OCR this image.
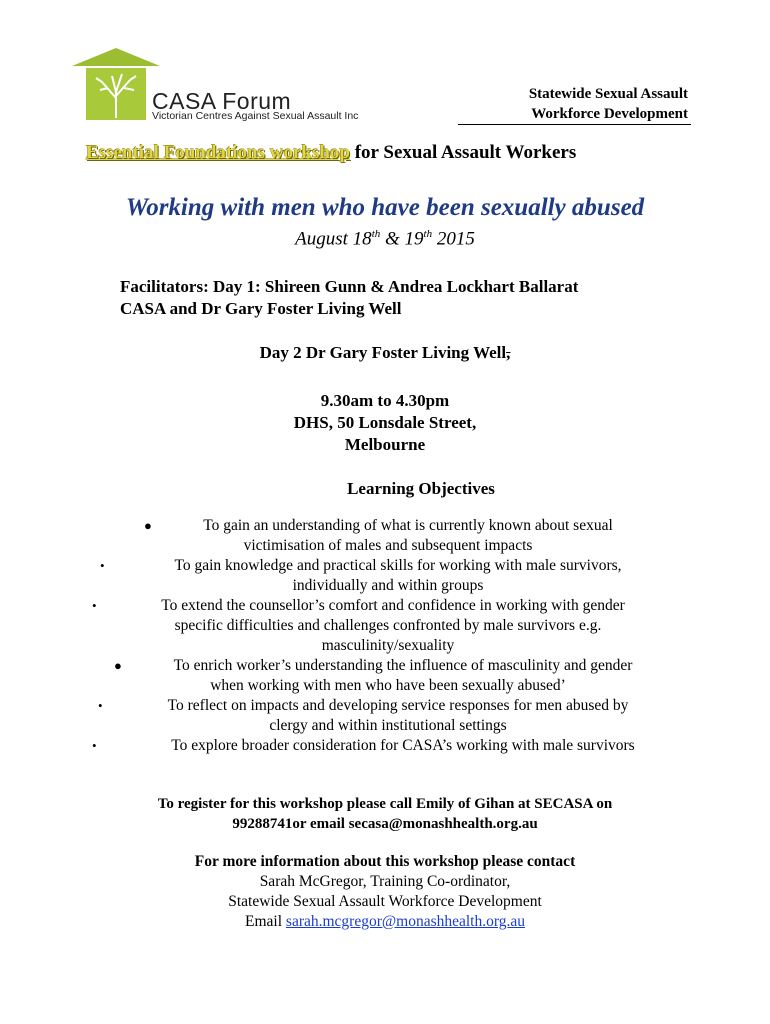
CASA Forum
Victorian Centres Against Sexual Assault Inc
Statewide Sexual Assault
Workforce Development
Essential Foundations workshop for Sexual Assault Workers
Working with men who have been sexually abused
August 18th & 19th 2015
Facilitators: Day 1: Shireen Gunn & Andrea Lockhart Ballarat
CASA and Dr Gary Foster Living Well
Day 2 Dr Gary Foster Living Well,
9.30am to 4.30pm
DHS, 50 Lonsdale Street,
Melbourne
Learning Objectives
●	To gain an understanding of what is currently known about sexual
victimisation of males and subsequent impacts
•	To gain knowledge and practical skills for working with male survivors,
individually and within groups
•	To extend the counsellor’s comfort and confidence in working with gender
specific difficulties and challenges confronted by male survivors e.g.
masculinity/sexuality
●	To enrich worker’s understanding the influence of masculinity and gender
when working with men who have been sexually abused’
•	To reflect on impacts and developing service responses for men abused by
clergy and within institutional settings
•	To explore broader consideration for CASA’s working with male survivors
To register for this workshop please call Emily of Gihan at SECASA on
99288741or email secasa@monashhealth.org.au
For more information about this workshop please contact
Sarah McGregor, Training Co-ordinator,
Statewide Sexual Assault Workforce Development
Email sarah.mcgregor@monashhealth.org.au
